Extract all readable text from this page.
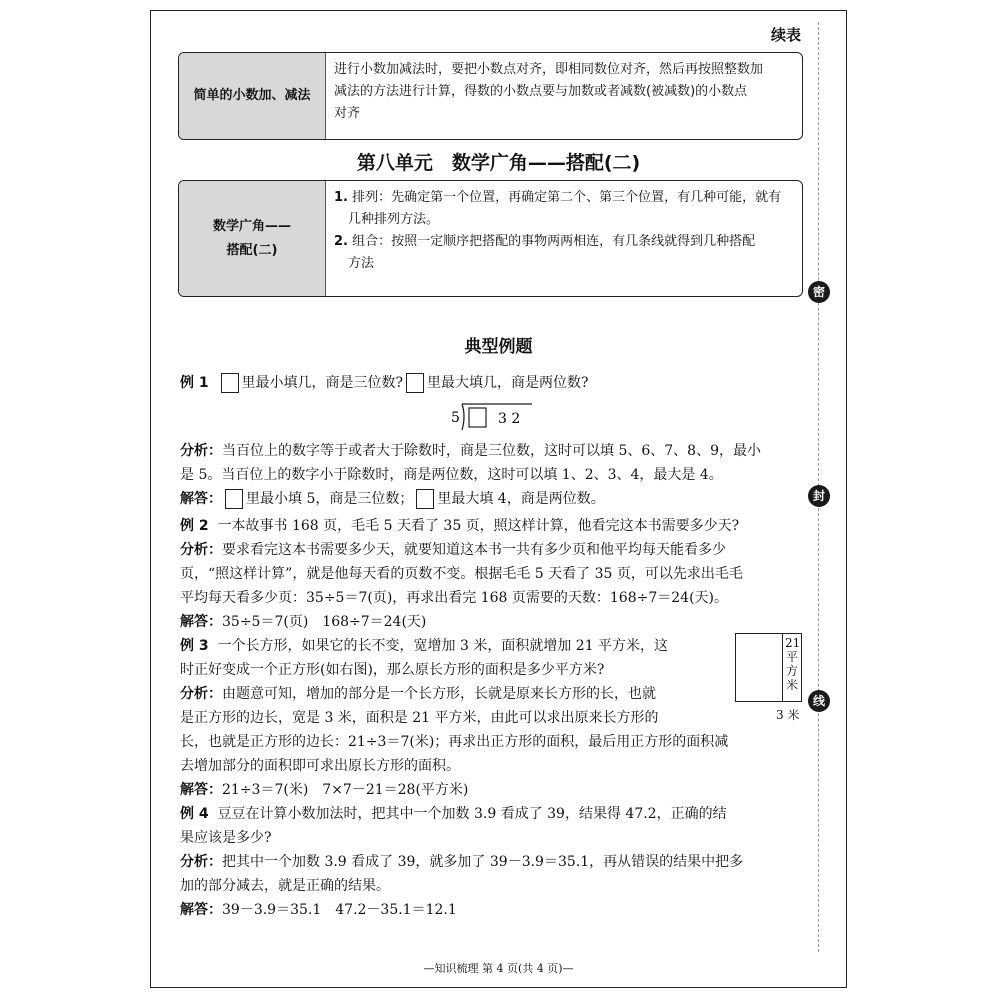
密
封
线
续表
简单的小数加、减法
进行小数加减法时，要把小数点对齐，即相同数位对齐，然后再按照整数加
减法的方法进行计算，得数的小数点要与加数或者减数(被减数)的小数点
对齐
第八单元　数学广角——搭配(二)
数学广角——
搭配(二)
1. 排列：先确定第一个位置，再确定第二个、第三个位置，有几种可能，就有
几种排列方法。
2. 组合：按照一定顺序把搭配的事物两两相连，有几条线就得到几种搭配
方法
典型例题
例 1 里最小填几，商是三位数? 里最大填几，商是两位数?
5	3 2
分析：当百位上的数字等于或者大于除数时，商是三位数，这时可以填 5、6、7、8、9，最小
是 5。当百位上的数字小于除数时，商是两位数，这时可以填 1、2、3、4，最大是 4。
解答： 里最小填 5，商是三位数； 里最大填 4，商是两位数。
例 2 一本故事书 168 页，毛毛 5 天看了 35 页，照这样计算，他看完这本书需要多少天?
分析：要求看完这本书需要多少天，就要知道这本书一共有多少页和他平均每天能看多少
页，“照这样计算”，就是他每天看的页数不变。根据毛毛 5 天看了 35 页，可以先求出毛毛
平均每天看多少页：35÷5＝7(页)，再求出看完 168 页需要的天数：168÷7＝24(天)。
解答：35÷5＝7(页)　168÷7＝24(天)
例 3 一个长方形，如果它的长不变，宽增加 3 米，面积就增加 21 平方米，这
时正好变成一个正方形(如右图)，那么原长方形的面积是多少平方米?
分析：由题意可知，增加的部分是一个长方形，长就是原来长方形的长，也就
是正方形的边长，宽是 3 米，面积是 21 平方米，由此可以求出原来长方形的
长，也就是正方形的边长：21÷3＝7(米)；再求出正方形的面积，最后用正方形的面积减
去增加部分的面积即可求出原长方形的面积。
解答：21÷3＝7(米)　7×7－21＝28(平方米)
21 平方米
3 米
例 4 豆豆在计算小数加法时，把其中一个加数 3.9 看成了 39，结果得 47.2，正确的结
果应该是多少?
分析：把其中一个加数 3.9 看成了 39，就多加了 39－3.9＝35.1，再从错误的结果中把多
加的部分减去，就是正确的结果。
解答：39－3.9＝35.1　47.2－35.1＝12.1
—知识梳理 第 4 页(共 4 页)—
